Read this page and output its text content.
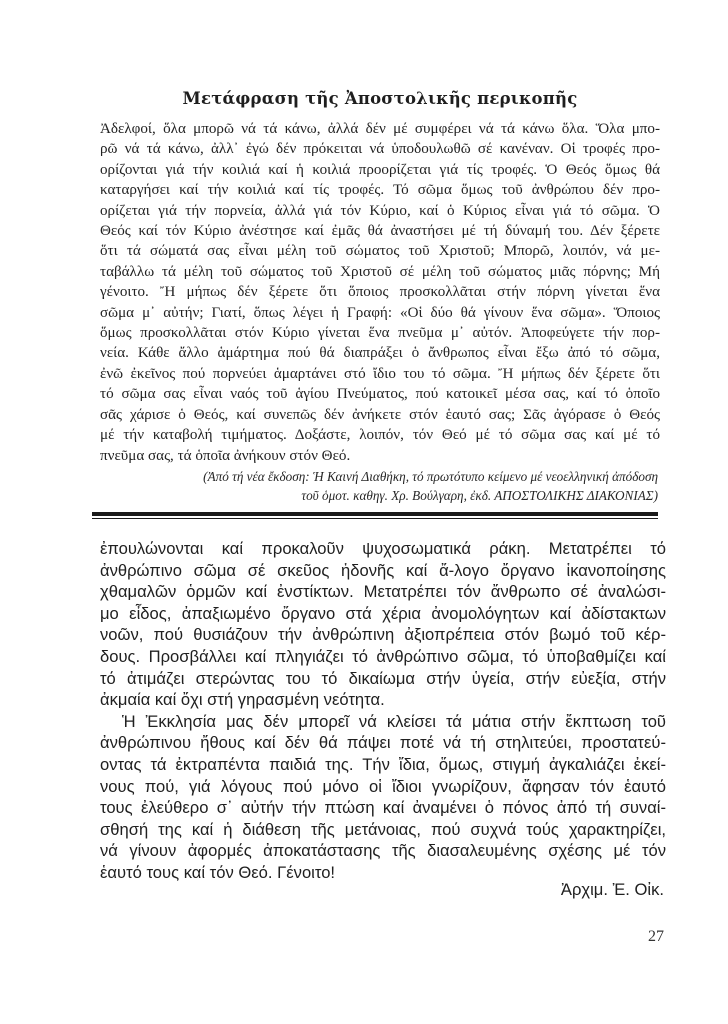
Μετάφραση τῆς Ἀποστολικῆς περικοπῆς
Ἀδελφοί, ὅλα μπορῶ νά τά κάνω, ἀλλά δέν μέ συμφέρει νά τά κάνω ὅλα. Ὅλα μπο-
ρῶ νά τά κάνω, ἀλλ᾽ ἐγώ δέν πρόκειται νά ὑποδουλωθῶ σέ κανέναν. Οἱ τροφές προ-
ορίζονται γιά τήν κοιλιά καί ἡ κοιλιά προορίζεται γιά τίς τροφές. Ὁ Θεός ὅμως θά
καταργήσει καί τήν κοιλιά καί τίς τροφές. Τό σῶμα ὅμως τοῦ ἀνθρώπου δέν προ-
ορίζεται γιά τήν πορνεία, ἀλλά γιά τόν Κύριο, καί ὁ Κύριος εἶναι γιά τό σῶμα. Ὁ
Θεός καί τόν Κύριο ἀνέστησε καί ἐμᾶς θά ἀναστήσει μέ τή δύναμή του. Δέν ξέρετε
ὅτι τά σώματά σας εἶναι μέλη τοῦ σώματος τοῦ Χριστοῦ; Μπορῶ, λοιπόν, νά με-
ταβάλλω τά μέλη τοῦ σώματος τοῦ Χριστοῦ σέ μέλη τοῦ σώματος μιᾶς πόρνης; Μή
γένοιτο. Ἤ μήπως δέν ξέρετε ὅτι ὅποιος προσκολλᾶται στήν πόρνη γίνεται ἕνα
σῶμα μ᾽ αὐτήν; Γιατί, ὅπως λέγει ἡ Γραφή: «Οἱ δύο θά γίνουν ἕνα σῶμα». Ὅποιος
ὅμως προσκολλᾶται στόν Κύριο γίνεται ἕνα πνεῦμα μ᾽ αὐτόν. Ἀποφεύγετε τήν πορ-
νεία. Κάθε ἄλλο ἁμάρτημα πού θά διαπράξει ὁ ἄνθρωπος εἶναι ἔξω ἀπό τό σῶμα,
ἐνῶ ἐκεῖνος πού πορνεύει ἁμαρτάνει στό ἴδιο του τό σῶμα. Ἤ μήπως δέν ξέρετε ὅτι
τό σῶμα σας εἶναι ναός τοῦ ἁγίου Πνεύματος, πού κατοικεῖ μέσα σας, καί τό ὁποῖο
σᾶς χάρισε ὁ Θεός, καί συνεπῶς δέν ἀνήκετε στόν ἑαυτό σας; Σᾶς ἀγόρασε ὁ Θεός
μέ τήν καταβολή τιμήματος. Δοξάστε, λοιπόν, τόν Θεό μέ τό σῶμα σας καί μέ τό
πνεῦμα σας, τά ὁποῖα ἀνήκουν στόν Θεό.
(Ἀπό τή νέα ἔκδοση: Ἡ Καινή Διαθήκη, τό πρωτότυπο κείμενο μέ νεοελληνική ἀπόδοση
τοῦ ὁμοτ. καθηγ. Χρ. Βούλγαρη, ἐκδ. ΑΠΟΣΤΟΛΙΚΗΣ ΔΙΑΚΟΝΙΑΣ)
ἐπουλώνονται καί προκαλοῦν ψυχοσωματικά ράκη. Μετατρέπει τό
ἀνθρώπινο σῶμα σέ σκεῦος ἡδονῆς καί ἄ-λογο ὄργανο ἱκανοποίησης
χθαμαλῶν ὁρμῶν καί ἐνστίκτων. Μετατρέπει τόν ἄνθρωπο σέ ἀναλώσι-
μο εἶδος, ἀπαξιωμένο ὄργανο στά χέρια ἀνομολόγητων καί ἀδίστακτων
νοῶν, πού θυσιάζουν τήν ἀνθρώπινη ἀξιοπρέπεια στόν βωμό τοῦ κέρ-
δους. Προσβάλλει καί πληγιάζει τό ἀνθρώπινο σῶμα, τό ὑποβαθμίζει καί
τό ἀτιμάζει στερώντας του τό δικαίωμα στήν ὑγεία, στήν εὐεξία, στήν
ἀκμαία καί ὄχι στή γηρασμένη νεότητα.
Ἡ Ἐκκλησία μας δέν μπορεῖ νά κλείσει τά μάτια στήν ἔκπτωση τοῦ
ἀνθρώπινου ἤθους καί δέν θά πάψει ποτέ νά τή στηλιτεύει, προστατεύ-
οντας τά ἐκτραπέντα παιδιά της. Τήν ἴδια, ὅμως, στιγμή ἀγκαλιάζει ἐκεί-
νους πού, γιά λόγους πού μόνο οἱ ἴδιοι γνωρίζουν, ἄφησαν τόν ἑαυτό
τους ἐλεύθερο σ᾽ αὐτήν τήν πτώση καί ἀναμένει ὁ πόνος ἀπό τή συναί-
σθησή της καί ἡ διάθεση τῆς μετάνοιας, πού συχνά τούς χαρακτηρίζει,
νά γίνουν ἀφορμές ἀποκατάστασης τῆς διασαλευμένης σχέσης μέ τόν
ἑαυτό τους καί τόν Θεό. Γένοιτο!
Ἀρχιμ. Ἐ. Οἰκ.
27
